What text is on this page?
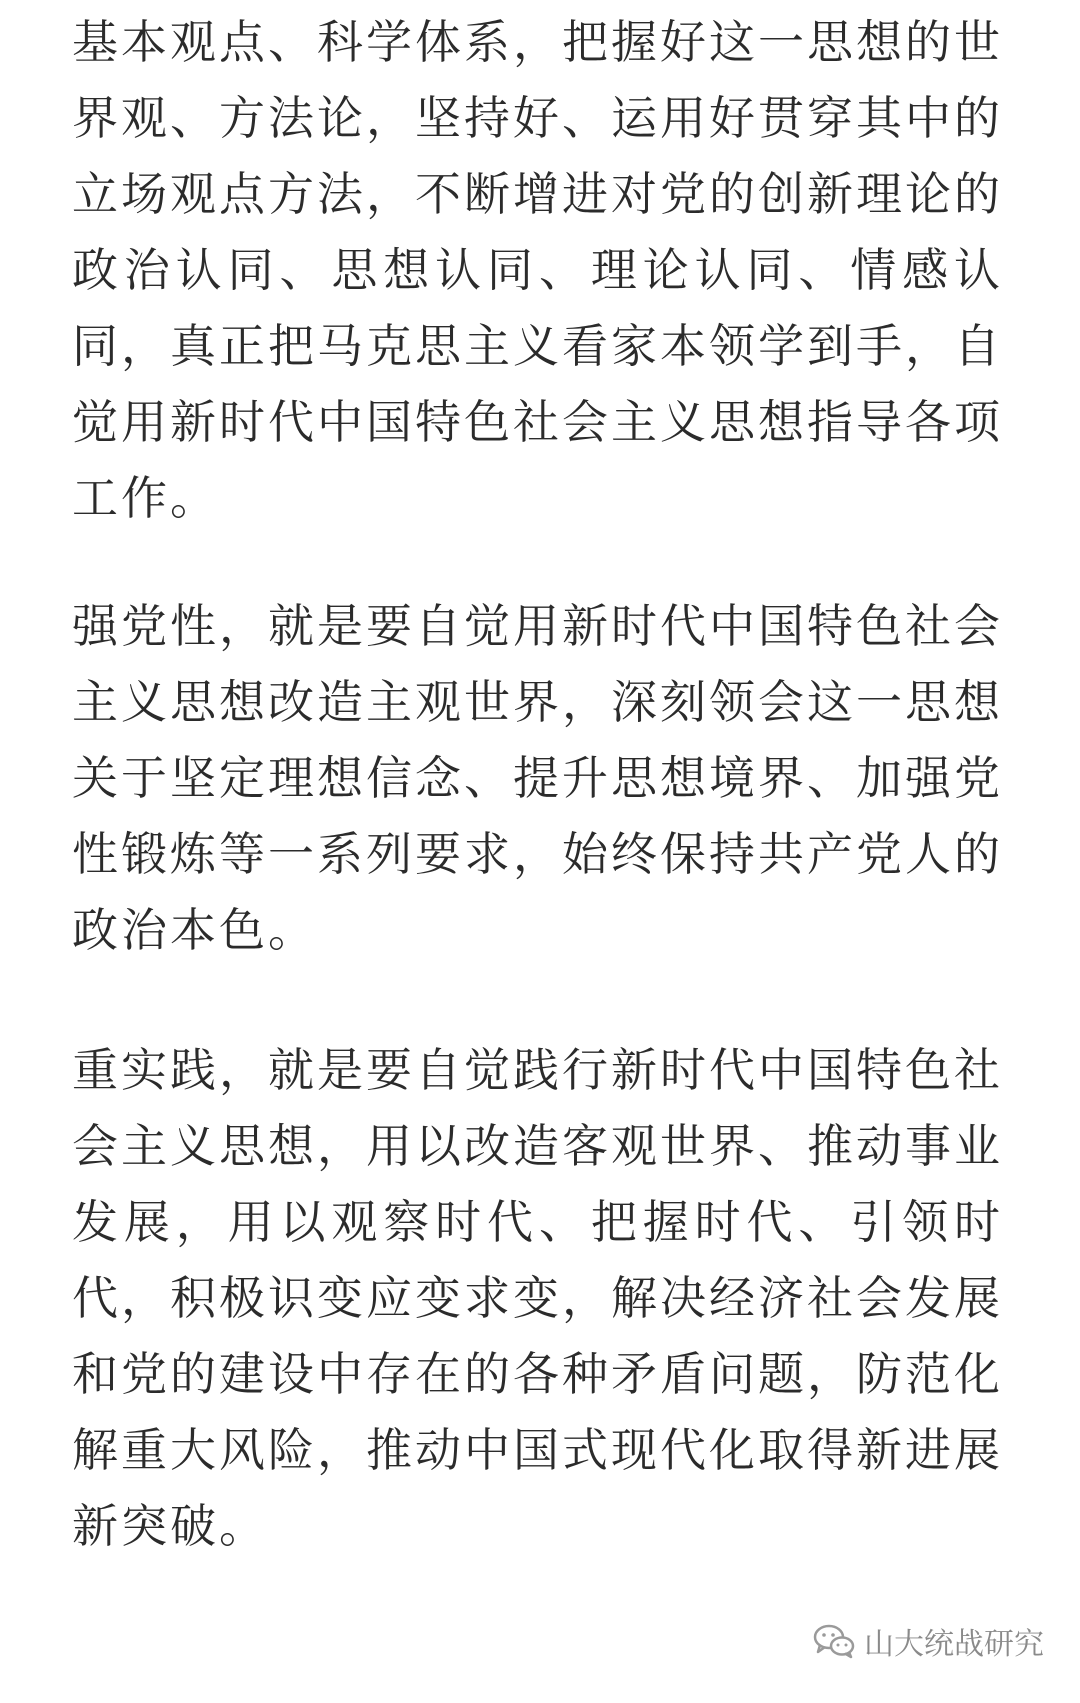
基本观点、科学体系，把握好这一思想的世
界观、方法论，坚持好、运用好贯穿其中的
立场观点方法，不断增进对党的创新理论的
政治认同、思想认同、理论认同、情感认
同，真正把马克思主义看家本领学到手，自
觉用新时代中国特色社会主义思想指导各项
工作。
强党性，就是要自觉用新时代中国特色社会
主义思想改造主观世界，深刻领会这一思想
关于坚定理想信念、提升思想境界、加强党
性锻炼等一系列要求，始终保持共产党人的
政治本色。
重实践，就是要自觉践行新时代中国特色社
会主义思想，用以改造客观世界、推动事业
发展，用以观察时代、把握时代、引领时
代，积极识变应变求变，解决经济社会发展
和党的建设中存在的各种矛盾问题，防范化
解重大风险，推动中国式现代化取得新进展
新突破。
山大统战研究
